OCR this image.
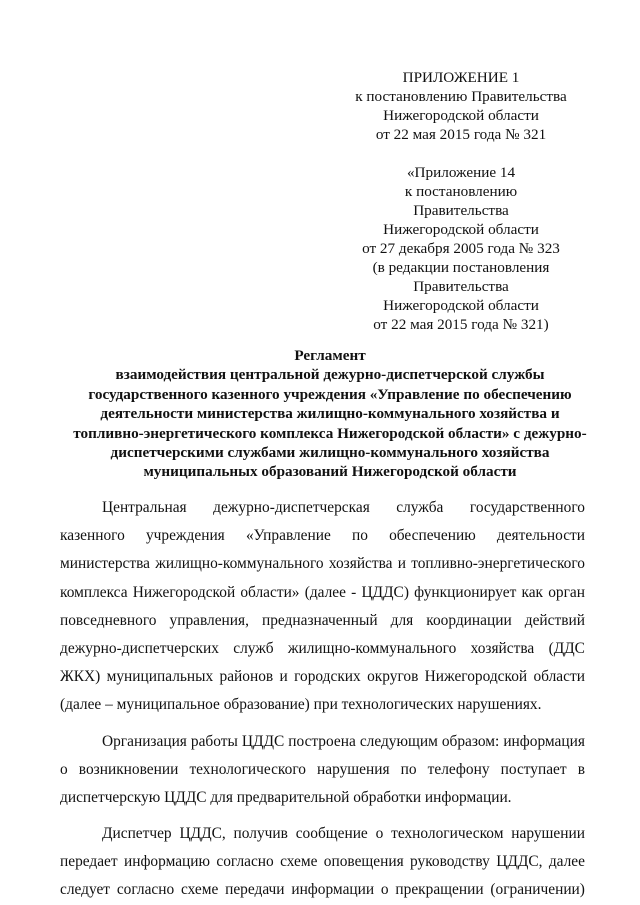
ПРИЛОЖЕНИЕ 1
к постановлению Правительства
Нижегородской области
от 22 мая 2015 года № 321
«Приложение 14
к постановлению
Правительства
Нижегородской области
от 27 декабря 2005 года № 323
(в редакции постановления
Правительства
Нижегородской области
от 22 мая 2015 года № 321)
Регламент
взаимодействия центральной дежурно-диспетчерской службы
государственного казенного учреждения «Управление по обеспечению
деятельности министерства жилищно-коммунального хозяйства и
топливно-энергетического комплекса Нижегородской области» с дежурно-
диспетчерскими службами жилищно-коммунального хозяйства
муниципальных образований Нижегородской области
Центральная дежурно-диспетчерская служба государственного
казенного учреждения «Управление по обеспечению деятельности
министерства жилищно-коммунального хозяйства и топливно-энергетического
комплекса Нижегородской области» (далее - ЦДДС) функционирует как орган
повседневного управления, предназначенный для координации действий
дежурно-диспетчерских служб жилищно-коммунального хозяйства (ДДС
ЖКХ) муниципальных районов и городских округов Нижегородской области
(далее – муниципальное образование) при технологических нарушениях.
Организация работы ЦДДС построена следующим образом: информация
о возникновении технологического нарушения по телефону поступает в
диспетчерскую ЦДДС для предварительной обработки информации.
Диспетчер ЦДДС, получив сообщение о технологическом нарушении
передает информацию согласно схеме оповещения руководству ЦДДС, далее
следует согласно схеме передачи информации о прекращении (ограничении)
